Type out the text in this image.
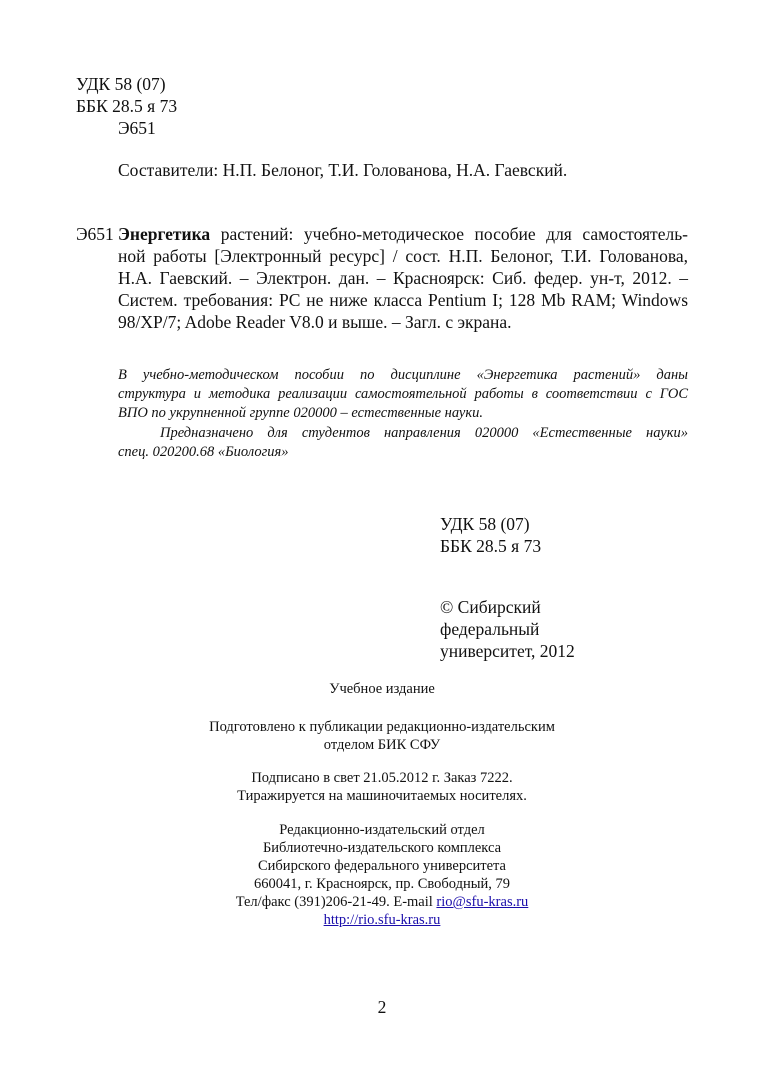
УДК 58 (07)
ББК 28.5 я 73
Э651
Составители: Н.П. Белоног, Т.И. Голованова, Н.А. Гаевский.
Э651 Энергетика растений: учебно-методическое пособие для самостоятель-
ной работы [Электронный ресурс] / сост. Н.П. Белоног, Т.И. Голованова,
Н.А. Гаевский. – Электрон. дан. – Красноярск: Сиб. федер. ун-т, 2012. –
Систем. требования: PC не ниже класса Pentium I; 128 Mb RAM; Windows
98/XP/7; Adobe Reader V8.0 и выше. – Загл. с экрана.
В учебно-методическом пособии по дисциплине «Энергетика растений» даны
структура и методика реализации самостоятельной работы в соответствии с ГОС
ВПО по укрупненной группе 020000 – естественные науки.
Предназначено для студентов направления 020000 «Естественные науки»
спец. 020200.68 «Биология»
УДК 58 (07)
ББК 28.5 я 73
© Сибирский
федеральный
университет, 2012
Учебное издание
Подготовлено к публикации редакционно-издательским
отделом БИК СФУ
Подписано в свет 21.05.2012 г. Заказ 7222.
Тиражируется на машиночитаемых носителях.
Редакционно-издательский отдел
Библиотечно-издательского комплекса
Сибирского федерального университета
660041, г. Красноярск, пр. Свободный, 79
Тел/факс (391)206-21-49. E-mail rio@sfu-kras.ru
http://rio.sfu-kras.ru
2
